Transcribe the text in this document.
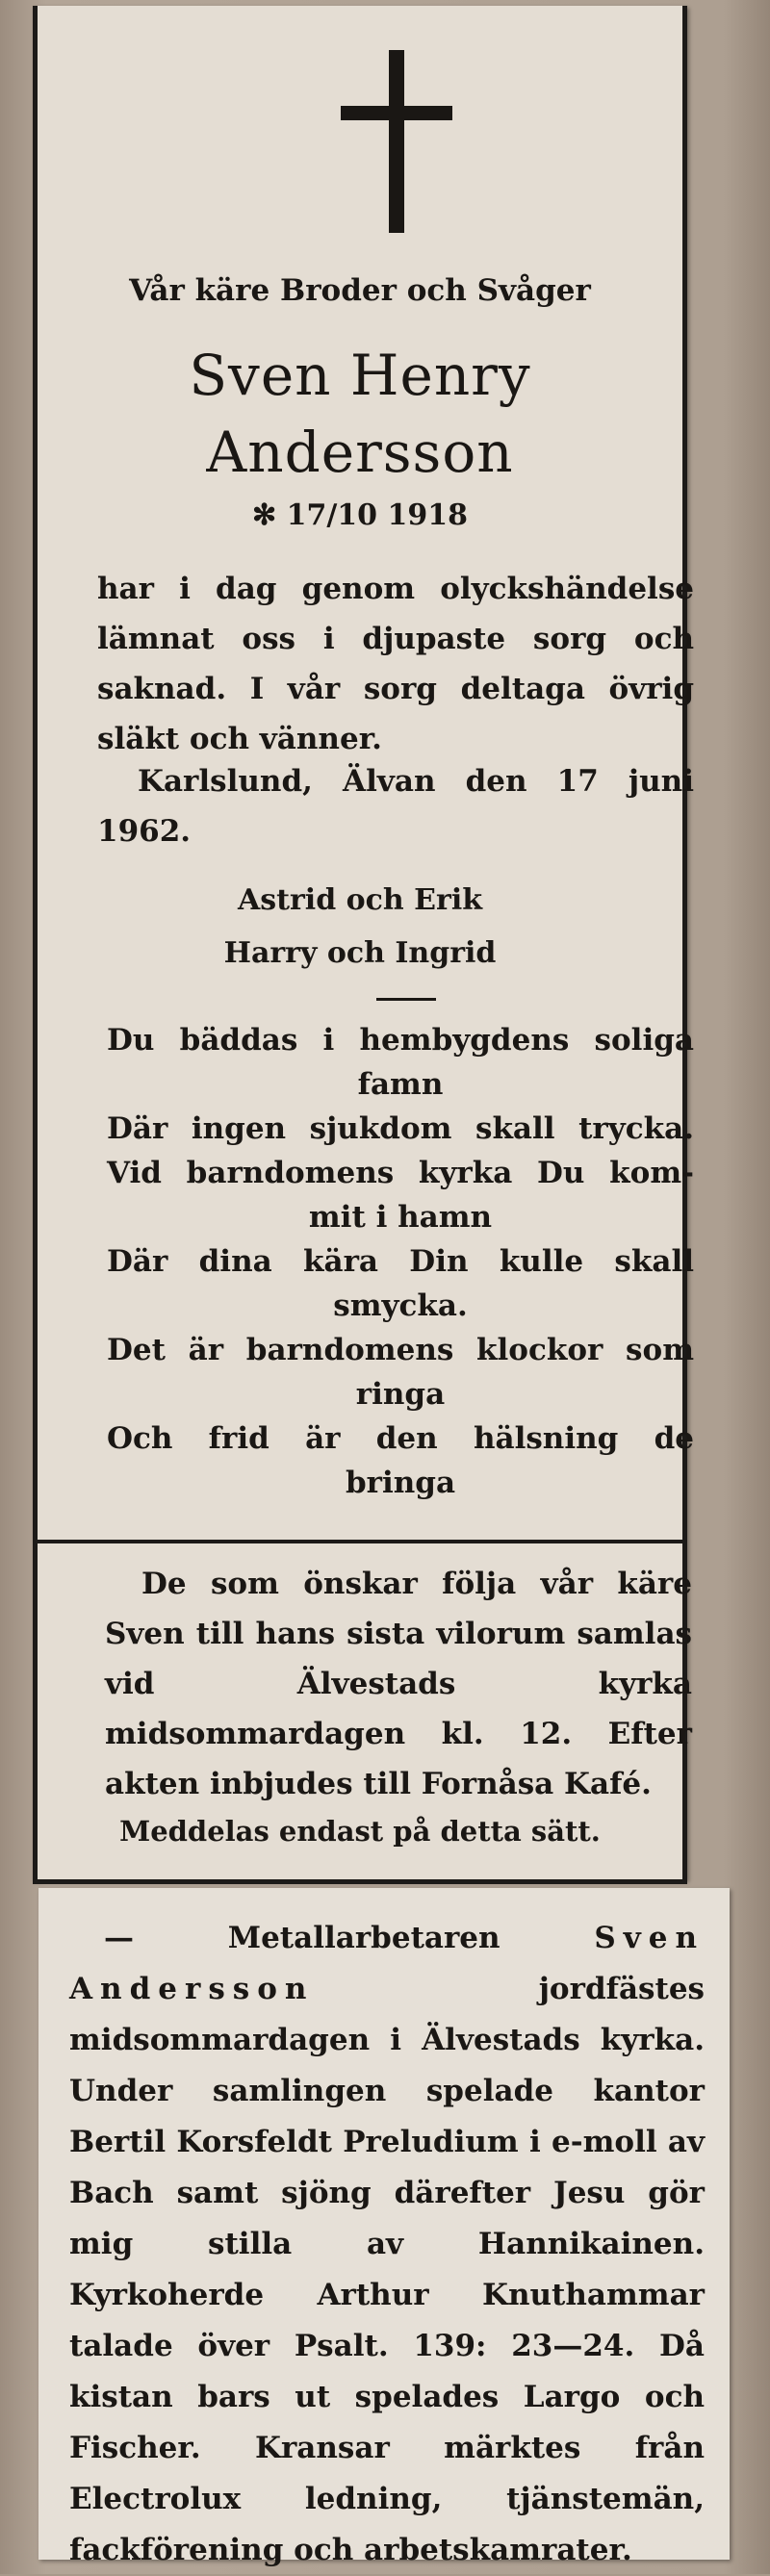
Vår käre Broder och Svåger
Sven Henry
Andersson
✻ 17/10 1918
har i dag genom olyckshändelse lämnat oss i djupaste sorg och saknad. I vår sorg deltaga övrig släkt och vänner.
Karlslund, Älvan den 17 juni 1962.
Astrid och Erik
Harry och Ingrid
Du bäddas i hembygdens soliga
famn
Där ingen sjukdom skall trycka.
Vid barndomens kyrka Du kom-
mit i hamn
Där dina kära Din kulle skall
smycka.
Det är barndomens klockor som
ringa
Och frid är den hälsning de
bringa
De som önskar följa vår käre Sven till hans sista vilorum samlas vid Älvestads kyrka midsommardagen kl. 12. Efter akten inbjudes till Fornåsa Kafé.
Meddelas endast på detta sätt.
— Metallarbetaren	Sven Andersson	jordfästes midsommardagen i Älvestads kyrka. Under samlingen spelade kantor Bertil Korsfeldt Preludium i e-moll av Bach samt sjöng därefter Jesu gör mig stilla av Hannikainen. Kyrkoherde Arthur Knuthammar talade över Psalt. 139: 23—24. Då kistan bars ut spelades Largo och Fischer. Kransar märktes från Electrolux ledning, tjänstemän, fackförening och arbetskamrater.
